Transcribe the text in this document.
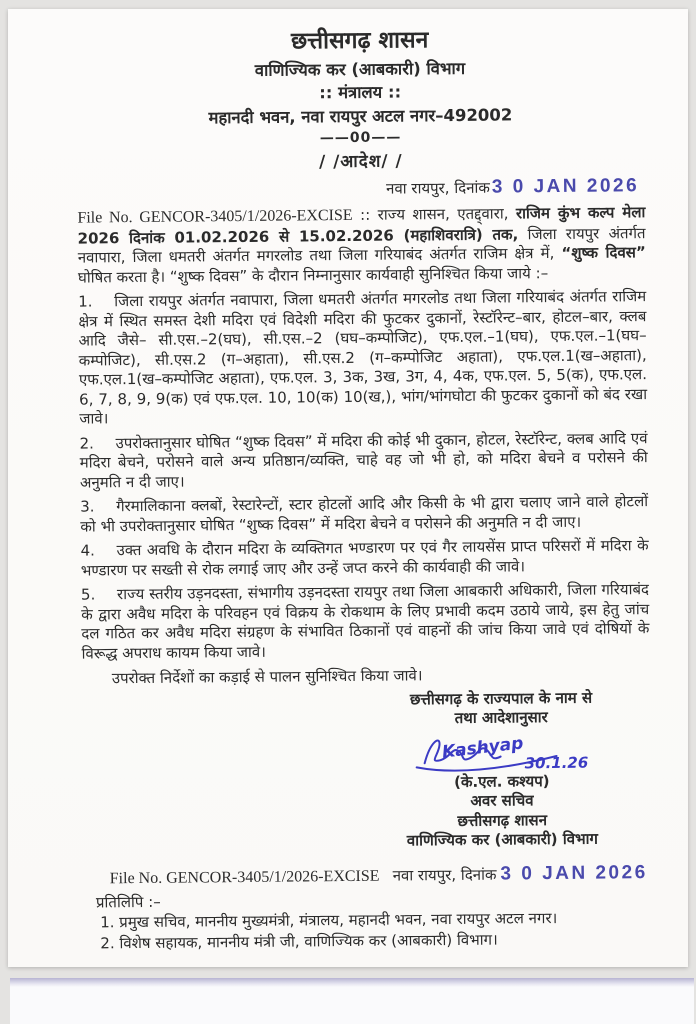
छत्तीसगढ़ शासन

वाणिज्यिक कर (आबकारी) विभाग

:: मंत्रालय ::

महानदी भवन, नवा रायपुर अटल नगर–492002

——00——

/ /आदेश/ /

नवा रायपुर, दिनांक 3 0 JAN 2026

File No. GENCOR-3405/1/2026-EXCISE :: राज्य शासन, एतद्द्वारा, राजिम कुंभ कल्प मेला 2026 दिनांक 01.02.2026 से 15.02.2026 (महाशिवरात्रि) तक, जिला रायपुर अंतर्गत नवापारा, जिला धमतरी अंतर्गत मगरलोड तथा जिला गरियाबंद अंतर्गत राजिम क्षेत्र में, “शुष्क दिवस” घोषित करता है। “शुष्क दिवस” के दौरान निम्नानुसार कार्यवाही सुनिश्चित किया जाये :–

1. जिला रायपुर अंतर्गत नवापारा, जिला धमतरी अंतर्गत मगरलोड तथा जिला गरियाबंद अंतर्गत राजिम क्षेत्र में स्थित समस्त देशी मदिरा एवं विदेशी मदिरा की फुटकर दुकानों, रेस्टॉरेन्ट–बार, होटल–बार, क्लब आदि जैसे– सी.एस.–2(घघ), सी.एस.–2 (घघ–कम्पोजिट), एफ.एल.–1(घघ), एफ.एल.–1(घघ–कम्पोजिट), सी.एस.2 (ग–अहाता), सी.एस.2 (ग–कम्पोजिट अहाता), एफ.एल.1(ख–अहाता), एफ.एल.1(ख–कम्पोजिट अहाता), एफ.एल. 3, 3क, 3ख, 3ग, 4, 4क, एफ.एल. 5, 5(क), एफ.एल. 6, 7, 8, 9, 9(क) एवं एफ.एल. 10, 10(क) 10(ख,), भांग/भांगघोटा की फुटकर दुकानों को बंद रखा जावे।

2. उपरोक्तानुसार घोषित “शुष्क दिवस” में मदिरा की कोई भी दुकान, होटल, रेस्टॉरेन्ट, क्लब आदि एवं मदिरा बेचने, परोसने वाले अन्य प्रतिष्ठान/व्यक्ति, चाहे वह जो भी हो, को मदिरा बेचने व परोसने की अनुमति न दी जाए।

3. गैरमालिकाना क्लबों, रेस्टारेन्टों, स्टार होटलों आदि और किसी के भी द्वारा चलाए जाने वाले होटलों को भी उपरोक्तानुसार घोषित “शुष्क दिवस” में मदिरा बेचने व परोसने की अनुमति न दी जाए।

4. उक्त अवधि के दौरान मदिरा के व्यक्तिगत भण्डारण पर एवं गैर लायसेंस प्राप्त परिसरों में मदिरा के भण्डारण पर सख्ती से रोक लगाई जाए और उन्हें जप्त करने की कार्यवाही की जावे।

5. राज्य स्तरीय उड़नदस्ता, संभागीय उड़नदस्ता रायपुर तथा जिला आबकारी अधिकारी, जिला गरियाबंद के द्वारा अवैध मदिरा के परिवहन एवं विक्रय के रोकथाम के लिए प्रभावी कदम उठाये जाये, इस हेतु जांच दल गठित कर अवैध मदिरा संग्रहण के संभावित ठिकानों एवं वाहनों की जांच किया जावे एवं दोषियों के विरूद्ध अपराध कायम किया जावे।

उपरोक्त निर्देशों का कड़ाई से पालन सुनिश्चित किया जावे।

छत्तीसगढ़ के राज्यपाल के नाम से

तथा आदेशानुसार

Kashyap
30.1.26

(के.एल. कश्यप)

अवर सचिव

छत्तीसगढ़ शासन

वाणिज्यिक कर (आबकारी) विभाग

File No. GENCOR-3405/1/2026-EXCISE नवा रायपुर, दिनांक 3 0 JAN 2026

प्रतिलिपि :–

1. प्रमुख सचिव, माननीय मुख्यमंत्री, मंत्रालय, महानदी भवन, नवा रायपुर अटल नगर।

2. विशेष सहायक, माननीय मंत्री जी, वाणिज्यिक कर (आबकारी) विभाग।
